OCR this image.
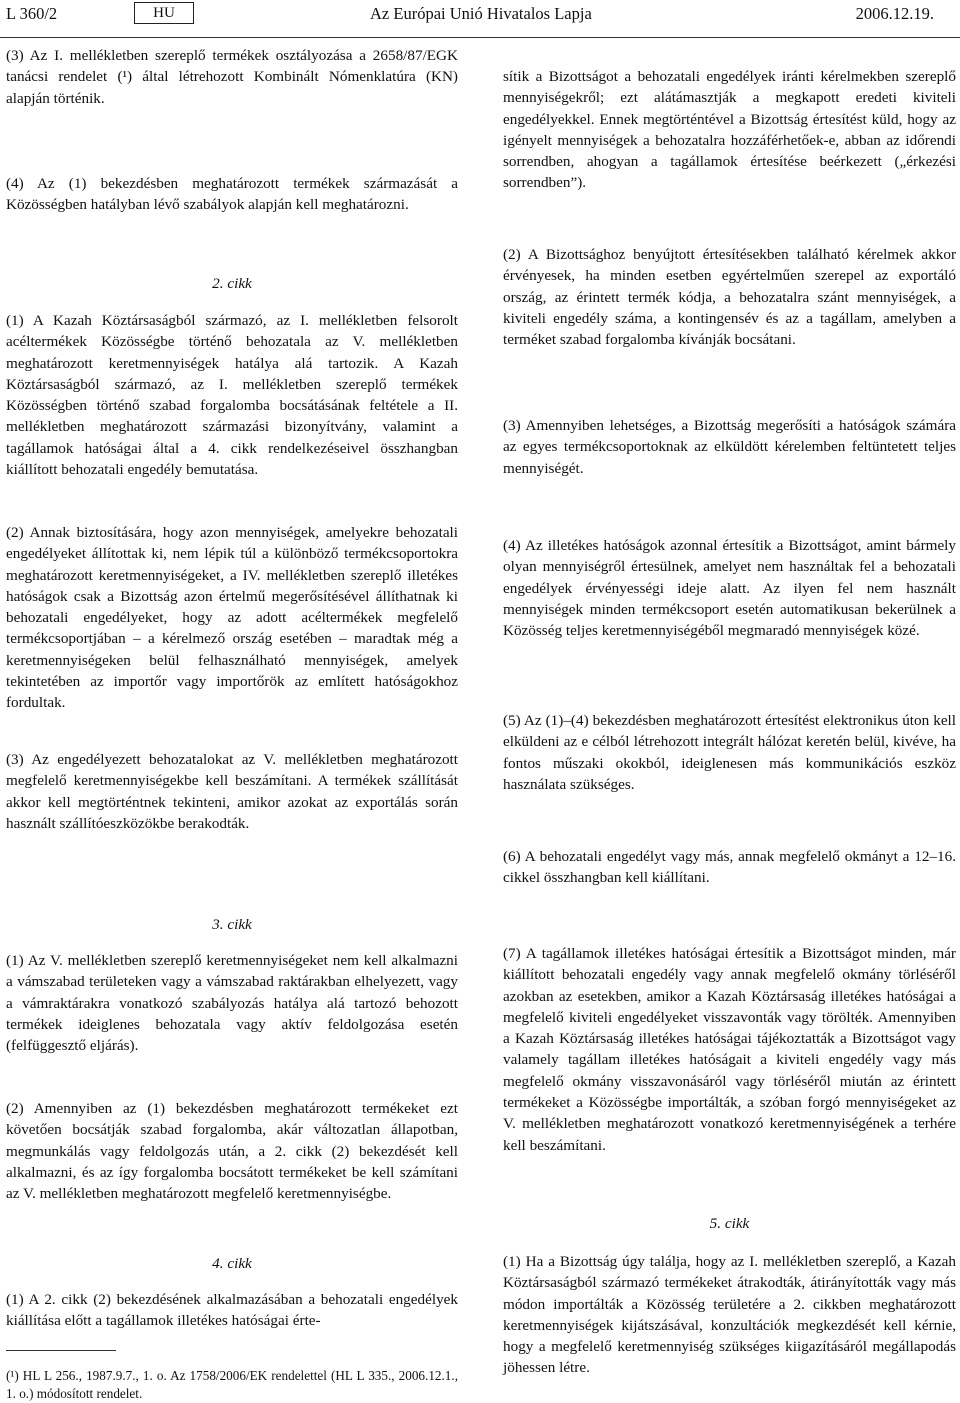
L 360/2	HU	Az Európai Unió Hivatalos Lapja	2006.12.19.

(3) Az I. mellékletben szereplő termékek osztályozása a 2658/87/EGK tanácsi rendelet (¹) által létrehozott Kombinált Nómenklatúra (KN) alapján történik.

(4) Az (1) bekezdésben meghatározott termékek származását a Közösségben hatályban lévő szabályok alapján kell meghatározni.

2. cikk

(1) A Kazah Köztársaságból származó, az I. mellékletben felsorolt acéltermékek Közösségbe történő behozatala az V. mellékletben meghatározott keretmennyiségek hatálya alá tartozik. A Kazah Köztársaságból származó, az I. mellékletben szereplő termékek Közösségben történő szabad forgalomba bocsátásának feltétele a II. mellékletben meghatározott származási bizonyítvány, valamint a tagállamok hatóságai által a 4. cikk rendelkezéseivel összhangban kiállított behozatali engedély bemutatása.

(2) Annak biztosítására, hogy azon mennyiségek, amelyekre behozatali engedélyeket állítottak ki, nem lépik túl a különböző termékcsoportokra meghatározott keretmennyiségeket, a IV. mellékletben szereplő illetékes hatóságok csak a Bizottság azon értelmű megerősítésével állíthatnak ki behozatali engedélyeket, hogy az adott acéltermékek megfelelő termékcsoportjában – a kérelmező ország esetében – maradtak még a keretmennyiségeken belül felhasználható mennyiségek, amelyek tekintetében az importőr vagy importőrök az említett hatóságokhoz fordultak.

(3) Az engedélyezett behozatalokat az V. mellékletben meghatározott megfelelő keretmennyiségekbe kell beszámítani. A termékek szállítását akkor kell megtörténtnek tekinteni, amikor azokat az exportálás során használt szállítóeszközökbe berakodták.

3. cikk

(1) Az V. mellékletben szereplő keretmennyiségeket nem kell alkalmazni a vámszabad területeken vagy a vámszabad raktárakban elhelyezett, vagy a vámraktárakra vonatkozó szabályozás hatálya alá tartozó behozott termékek ideiglenes behozatala vagy aktív feldolgozása esetén (felfüggesztő eljárás).

(2) Amennyiben az (1) bekezdésben meghatározott termékeket ezt követően bocsátják szabad forgalomba, akár változatlan állapotban, megmunkálás vagy feldolgozás után, a 2. cikk (2) bekezdését kell alkalmazni, és az így forgalomba bocsátott termékeket be kell számítani az V. mellékletben meghatározott megfelelő keretmennyiségbe.

4. cikk

(1) A 2. cikk (2) bekezdésének alkalmazásában a behozatali engedélyek kiállítása előtt a tagállamok illetékes hatóságai érte-

(¹) HL L 256., 1987.9.7., 1. o. Az 1758/2006/EK rendelettel (HL L 335., 2006.12.1., 1. o.) módosított rendelet.

sítik a Bizottságot a behozatali engedélyek iránti kérelmekben szereplő mennyiségekről; ezt alátámasztják a megkapott eredeti kiviteli engedélyekkel. Ennek megtörténtével a Bizottság értesítést küld, hogy az igényelt mennyiségek a behozatalra hozzáférhetőek-e, abban az időrendi sorrendben, ahogyan a tagállamok értesítése beérkezett („érkezési sorrendben”).

(2) A Bizottsághoz benyújtott értesítésekben található kérelmek akkor érvényesek, ha minden esetben egyértelműen szerepel az exportáló ország, az érintett termék kódja, a behozatalra szánt mennyiségek, a kiviteli engedély száma, a kontingensév és az a tagállam, amelyben a terméket szabad forgalomba kívánják bocsátani.

(3) Amennyiben lehetséges, a Bizottság megerősíti a hatóságok számára az egyes termékcsoportoknak az elküldött kérelemben feltüntetett teljes mennyiségét.

(4) Az illetékes hatóságok azonnal értesítik a Bizottságot, amint bármely olyan mennyiségről értesülnek, amelyet nem használtak fel a behozatali engedélyek érvényességi ideje alatt. Az ilyen fel nem használt mennyiségek minden termékcsoport esetén automatikusan bekerülnek a Közösség teljes keretmennyiségéből megmaradó mennyiségek közé.

(5) Az (1)–(4) bekezdésben meghatározott értesítést elektronikus úton kell elküldeni az e célból létrehozott integrált hálózat keretén belül, kivéve, ha fontos műszaki okokból, ideiglenesen más kommunikációs eszköz használata szükséges.

(6) A behozatali engedélyt vagy más, annak megfelelő okmányt a 12–16. cikkel összhangban kell kiállítani.

(7) A tagállamok illetékes hatóságai értesítik a Bizottságot minden, már kiállított behozatali engedély vagy annak megfelelő okmány törléséről azokban az esetekben, amikor a Kazah Köztársaság illetékes hatóságai a megfelelő kiviteli engedélyeket visszavonták vagy törölték. Amennyiben a Kazah Köztársaság illetékes hatóságai tájékoztatták a Bizottságot vagy valamely tagállam illetékes hatóságait a kiviteli engedély vagy más megfelelő okmány visszavonásáról vagy törléséről miután az érintett termékeket a Közösségbe importálták, a szóban forgó mennyiségeket az V. mellékletben meghatározott vonatkozó keretmennyiségének a terhére kell beszámítani.

5. cikk

(1) Ha a Bizottság úgy találja, hogy az I. mellékletben szereplő, a Kazah Köztársaságból származó termékeket átrakodták, átirányították vagy más módon importálták a Közösség területére a 2. cikkben meghatározott keretmennyiségek kijátszásával, konzultációk megkezdését kell kérnie, hogy a megfelelő keretmennyiség szükséges kiigazításáról megállapodás jöhessen létre.
